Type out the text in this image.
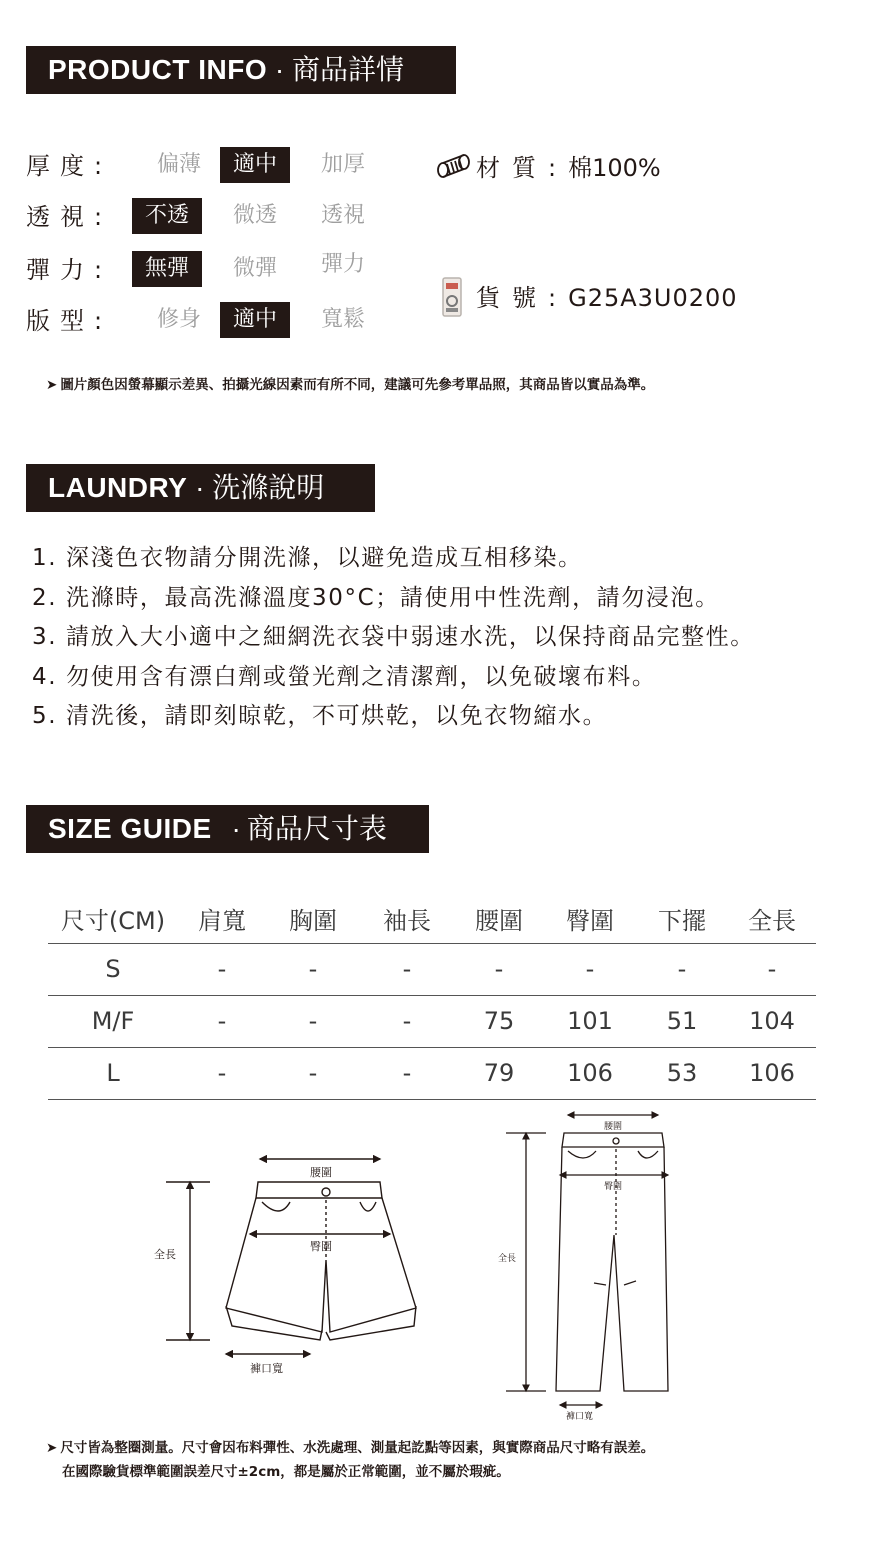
PRODUCT INFO · 商品詳情
厚度:	偏薄	適中	加厚
透視:	不透	微透	透視
彈力:	無彈	微彈	彈力
版型:	修身	適中	寬鬆
材質:棉100%
貨號:G25A3U0200
➤ 圖片顏色因螢幕顯示差異、拍攝光線因素而有所不同，建議可先參考單品照，其商品皆以實品為準。
LAUNDRY · 洗滌說明
1. 深淺色衣物請分開洗滌，以避免造成互相移染。
2. 洗滌時，最高洗滌溫度30°C；請使用中性洗劑，請勿浸泡。
3. 請放入大小適中之細網洗衣袋中弱速水洗，以保持商品完整性。
4. 勿使用含有漂白劑或螢光劑之清潔劑，以免破壞布料。
5. 清洗後，請即刻晾乾，不可烘乾，以免衣物縮水。
SIZE GUIDE · 商品尺寸表
尺寸(CM)	肩寬	胸圍	袖長	腰圍	臀圍	下擺	全長
S	-	-	-	-	-	-	-
M/F	-	-	-	75	101	51	104
L	-	-	-	79	106	53	106
腰圍
臀圍
全長
褲口寬
腰圍
臀圍
全長
褲口寬
➤ 尺寸皆為整圈測量。尺寸會因布料彈性、水洗處理、測量起訖點等因素，與實際商品尺寸略有誤差。
在國際驗貨標準範圍誤差尺寸±2cm，都是屬於正常範圍，並不屬於瑕疵。
